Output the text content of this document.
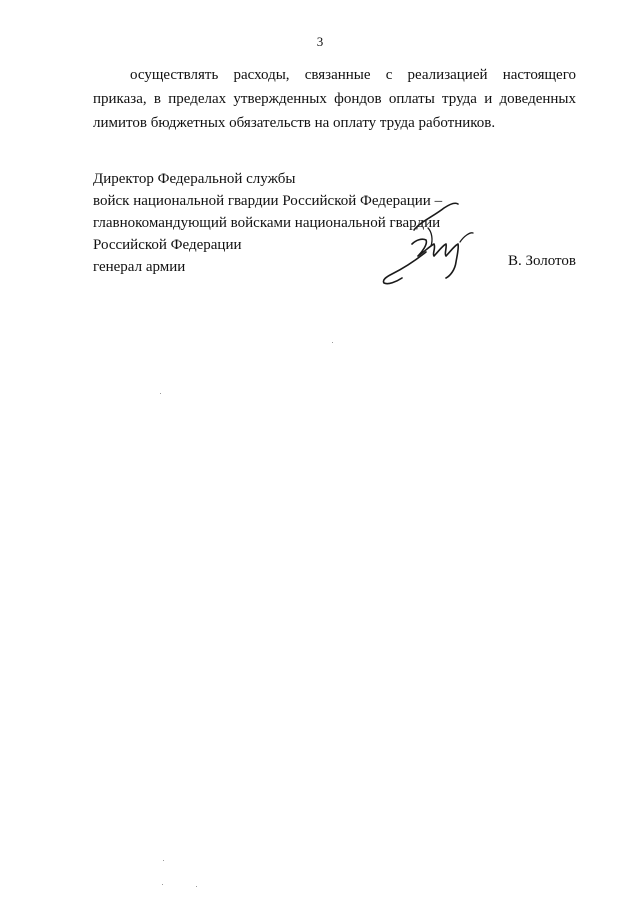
3

осуществлять расходы, связанные с реализацией настоящего приказа, в пределах утвержденных фондов оплаты труда и доведенных лимитов бюджетных обязательств на оплату труда работников.

Директор Федеральной службы
войск национальной гвардии Российской Федерации –
главнокомандующий войсками национальной гвардии
Российской Федерации
генерал армии	В. Золотов
